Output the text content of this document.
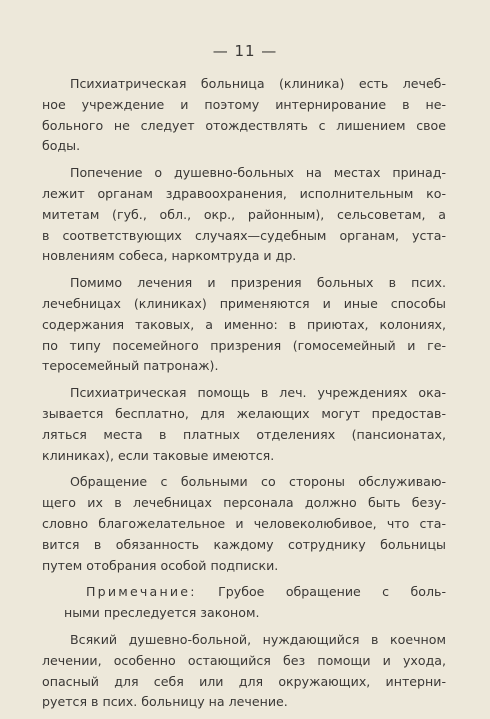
— 11 —

Психиатрическая больница (клиника) есть лечеб-
ное учреждение и поэтому интернирование в не-
больного не следует отождествлять с лишением свое
боды.

Попечение о душевно-больных на местах принад-
лежит органам здравоохранения, исполнительным ко-
митетам (губ., обл., окр., районным), сельсоветам, а
в соответствующих случаях—судебным органам, уста-
новлениям собеса, наркомтруда и др.

Помимо лечения и призрения больных в псих.
лечебницах (клиниках) применяются и иные способы
содержания таковых, а именно: в приютах, колониях,
по типу посемейного призрения (гомосемейный и ге-
теросемейный патронаж).

Психиатрическая помощь в леч. учреждениях ока-
зывается бесплатно, для желающих могут предостав-
ляться места в платных отделениях (пансионатах,
клиниках), если таковые имеются.

Обращение с больными со стороны обслуживаю-
щего их в лечебницах персонала должно быть безу-
словно благожелательное и человеколюбивое, что ста-
вится в обязанность каждому сотруднику больницы
путем отобрания особой подписки.

Примечание: Грубое обращение с боль-
ными преследуется законом.

Всякий душевно-больной, нуждающийся в коечном
лечении, особенно остающийся без помощи и ухода,
опасный для себя или для окружающих, интерни-
руется в псих. больницу на лечение.
